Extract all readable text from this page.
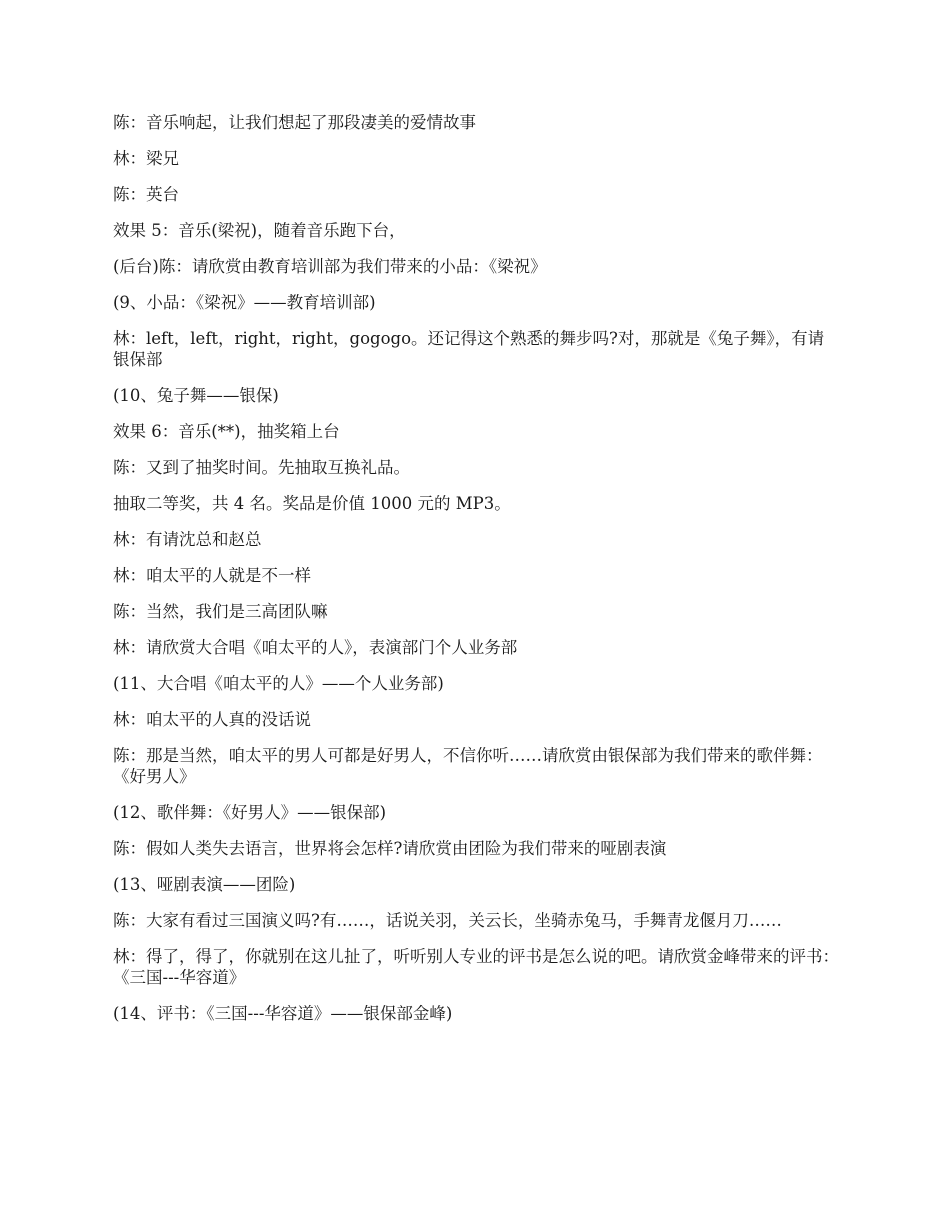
陈：音乐响起，让我们想起了那段凄美的爱情故事

林：梁兄

陈：英台

效果 5：音乐(梁祝)，随着音乐跑下台，

(后台)陈：请欣赏由教育培训部为我们带来的小品：《梁祝》

(9、小品：《梁祝》——教育培训部)

林：left，left，right，right，gogogo。还记得这个熟悉的舞步吗?对，那就是《兔子舞》，有请银保部

(10、兔子舞——银保)

效果 6：音乐(**)，抽奖箱上台

陈：又到了抽奖时间。先抽取互换礼品。

抽取二等奖，共 4 名。奖品是价值 1000 元的 MP3。

林：有请沈总和赵总

林：咱太平的人就是不一样

陈：当然，我们是三高团队嘛

林：请欣赏大合唱《咱太平的人》，表演部门个人业务部

(11、大合唱《咱太平的人》——个人业务部)

林：咱太平的人真的没话说

陈：那是当然，咱太平的男人可都是好男人，不信你听……请欣赏由银保部为我们带来的歌伴舞：《好男人》

(12、歌伴舞：《好男人》——银保部)

陈：假如人类失去语言，世界将会怎样?请欣赏由团险为我们带来的哑剧表演

(13、哑剧表演——团险)

陈：大家有看过三国演义吗?有……，话说关羽，关云长，坐骑赤兔马，手舞青龙偃月刀……

林：得了，得了，你就别在这儿扯了，听听别人专业的评书是怎么说的吧。请欣赏金峰带来的评书：《三国---华容道》

(14、评书：《三国---华容道》——银保部金峰)
